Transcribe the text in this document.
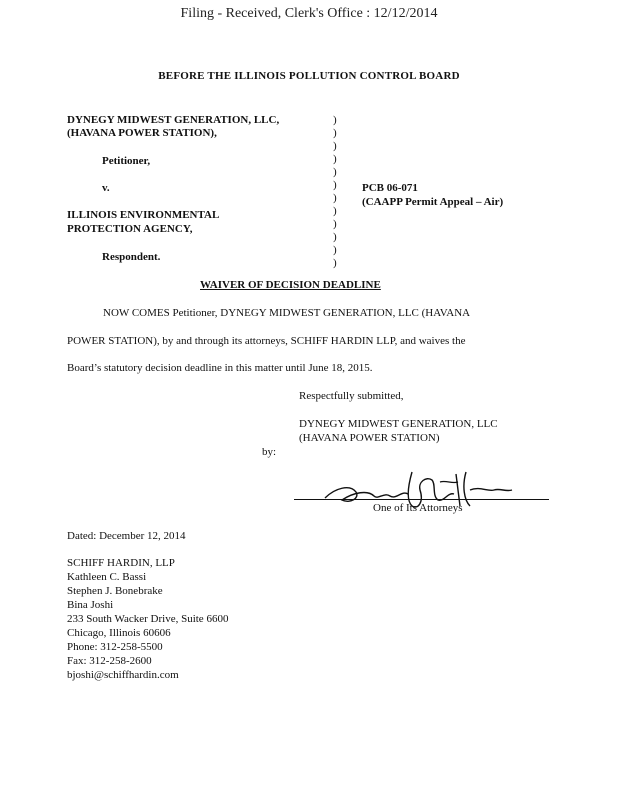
Filing - Received, Clerk's Office : 12/12/2014
BEFORE THE ILLINOIS POLLUTION CONTROL BOARD
DYNEGY MIDWEST GENERATION, LLC,
(HAVANA POWER STATION),
Petitioner,
v.
ILLINOIS ENVIRONMENTAL
PROTECTION AGENCY,
Respondent.
)
)
)
)
)
)
)
)
)
)
)
)
PCB 06-071
(CAAPP Permit Appeal – Air)
WAIVER OF DECISION DEADLINE
NOW COMES Petitioner, DYNEGY MIDWEST GENERATION, LLC (HAVANA
POWER STATION), by and through its attorneys, SCHIFF HARDIN LLP, and waives the
Board’s statutory decision deadline in this matter until June 18, 2015.
Respectfully submitted,
DYNEGY MIDWEST GENERATION, LLC
(HAVANA POWER STATION)
by:
One of Its Attorneys
Dated: December 12, 2014
SCHIFF HARDIN, LLP
Kathleen C. Bassi
Stephen J. Bonebrake
Bina Joshi
233 South Wacker Drive, Suite 6600
Chicago, Illinois 60606
Phone: 312-258-5500
Fax: 312-258-2600
bjoshi@schiffhardin.com
